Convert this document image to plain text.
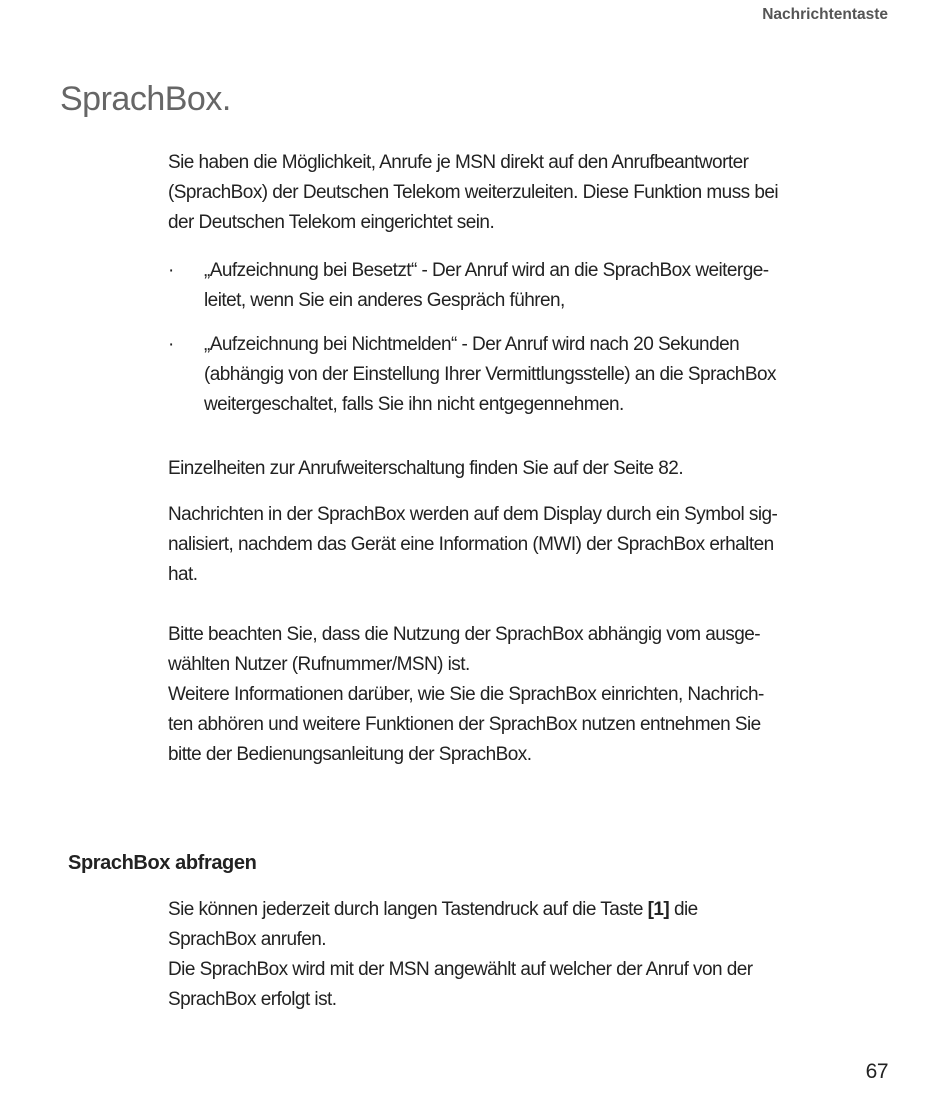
Nachrichtentaste
SprachBox.

Sie haben die Möglichkeit, Anrufe je MSN direkt auf den Anrufbeantworter
(SprachBox) der Deutschen Telekom weiterzuleiten. Diese Funktion muss bei
der Deutschen Telekom eingerichtet sein.

· „Aufzeichnung bei Besetzt“ - Der Anruf wird an die SprachBox weiterge-
leitet, wenn Sie ein anderes Gespräch führen,
· „Aufzeichnung bei Nichtmelden“ - Der Anruf wird nach 20 Sekunden
(abhängig von der Einstellung Ihrer Vermittlungsstelle) an die SprachBox
weitergeschaltet, falls Sie ihn nicht entgegennehmen.

Einzelheiten zur Anrufweiterschaltung finden Sie auf der Seite 82.

Nachrichten in der SprachBox werden auf dem Display durch ein Symbol sig-
nalisiert, nachdem das Gerät eine Information (MWI) der SprachBox erhalten
hat.

Bitte beachten Sie, dass die Nutzung der SprachBox abhängig vom ausge-
wählten Nutzer (Rufnummer/MSN) ist.
Weitere Informationen darüber, wie Sie die SprachBox einrichten, Nachrich-
ten abhören und weitere Funktionen der SprachBox nutzen entnehmen Sie
bitte der Bedienungsanleitung der SprachBox.

SprachBox abfragen

Sie können jederzeit durch langen Tastendruck auf die Taste [1] die
SprachBox anrufen.
Die SprachBox wird mit der MSN angewählt auf welcher der Anruf von der
SprachBox erfolgt ist.

67
